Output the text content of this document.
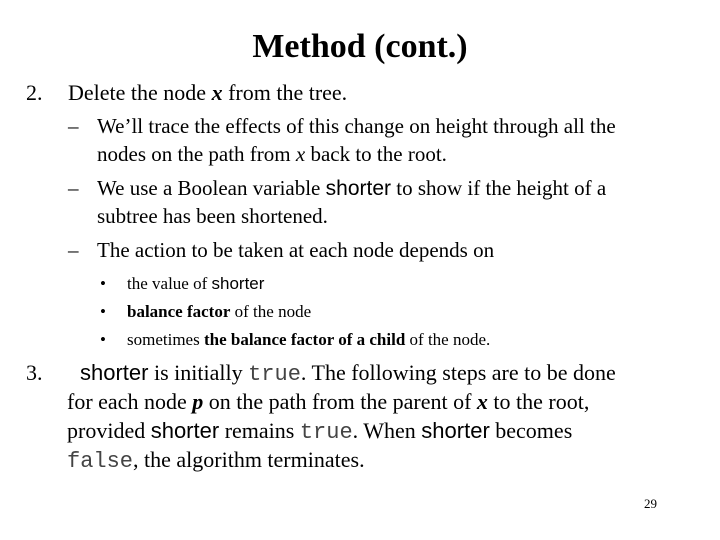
Method (cont.)
2. Delete the node x from the tree.
– We’ll trace the effects of this change on height through all the
nodes on the path from x back to the root.
– We use a Boolean variable shorter to show if the height of a
subtree has been shortened.
– The action to be taken at each node depends on
• the value of shorter
• balance factor of the node
• sometimes the balance factor of a child of the node.
3. shorter is initially true. The following steps are to be done
for each node p on the path from the parent of x to the root,
provided shorter remains true. When shorter becomes
false, the algorithm terminates.
29
